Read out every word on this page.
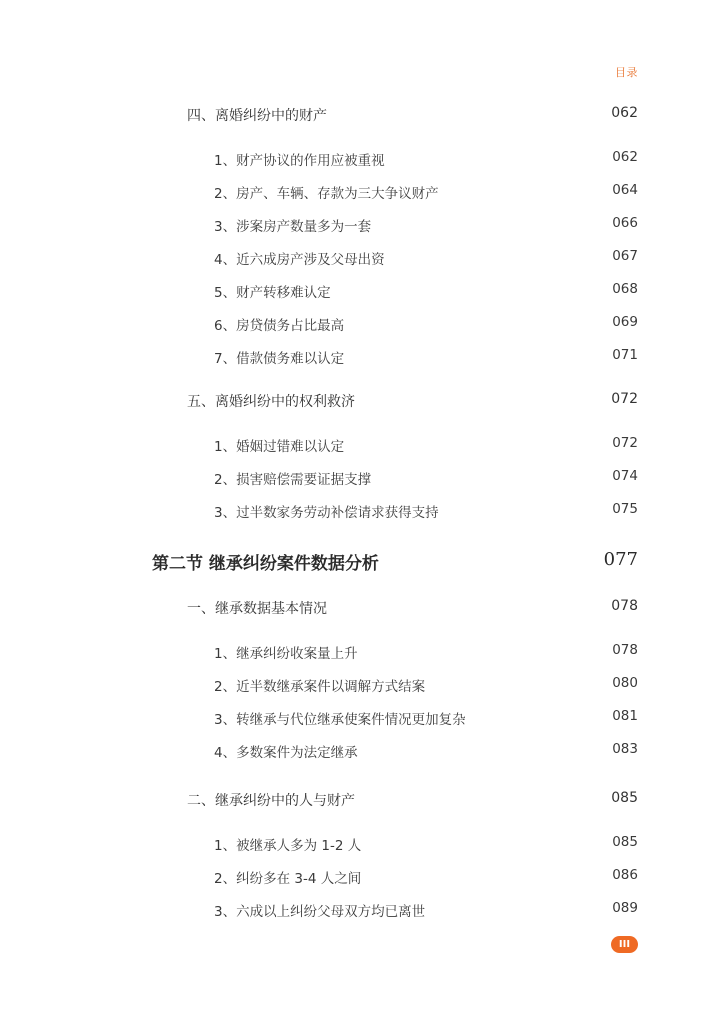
目录
四、离婚纠纷中的财产	062
1、财产协议的作用应被重视	062
2、房产、车辆、存款为三大争议财产	064
3、涉案房产数量多为一套	066
4、近六成房产涉及父母出资	067
5、财产转移难认定	068
6、房贷债务占比最高	069
7、借款债务难以认定	071
五、离婚纠纷中的权利救济	072
1、婚姻过错难以认定	072
2、损害赔偿需要证据支撑	074
3、过半数家务劳动补偿请求获得支持	075
第二节 继承纠纷案件数据分析	077
一、继承数据基本情况	078
1、继承纠纷收案量上升	078
2、近半数继承案件以调解方式结案	080
3、转继承与代位继承使案件情况更加复杂	081
4、多数案件为法定继承	083
二、继承纠纷中的人与财产	085
1、被继承人多为 1-2 人	085
2、纠纷多在 3-4 人之间	086
3、六成以上纠纷父母双方均已离世	089
III
